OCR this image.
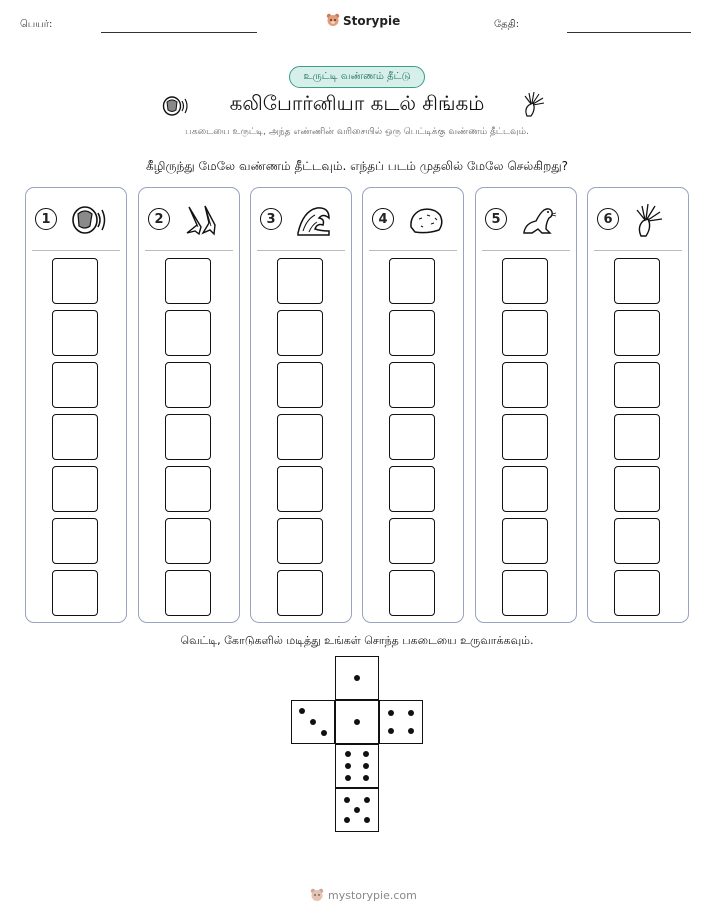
பெயர்:	Storypie	தேதி:
உருட்டி வண்ணம் தீட்டு
கலிபோர்னியா கடல் சிங்கம்
பகடையை உருட்டி, அந்த எண்ணின் வரிசையில் ஒரு பெட்டிக்கு வண்ணம் தீட்டவும்.
கீழிருந்து மேலே வண்ணம் தீட்டவும். எந்தப் படம் முதலில் மேலே செல்கிறது?
1	2	3	4	5	6
வெட்டி, கோடுகளில் மடித்து உங்கள் சொந்த பகடையை உருவாக்கவும்.
mystorypie.com
